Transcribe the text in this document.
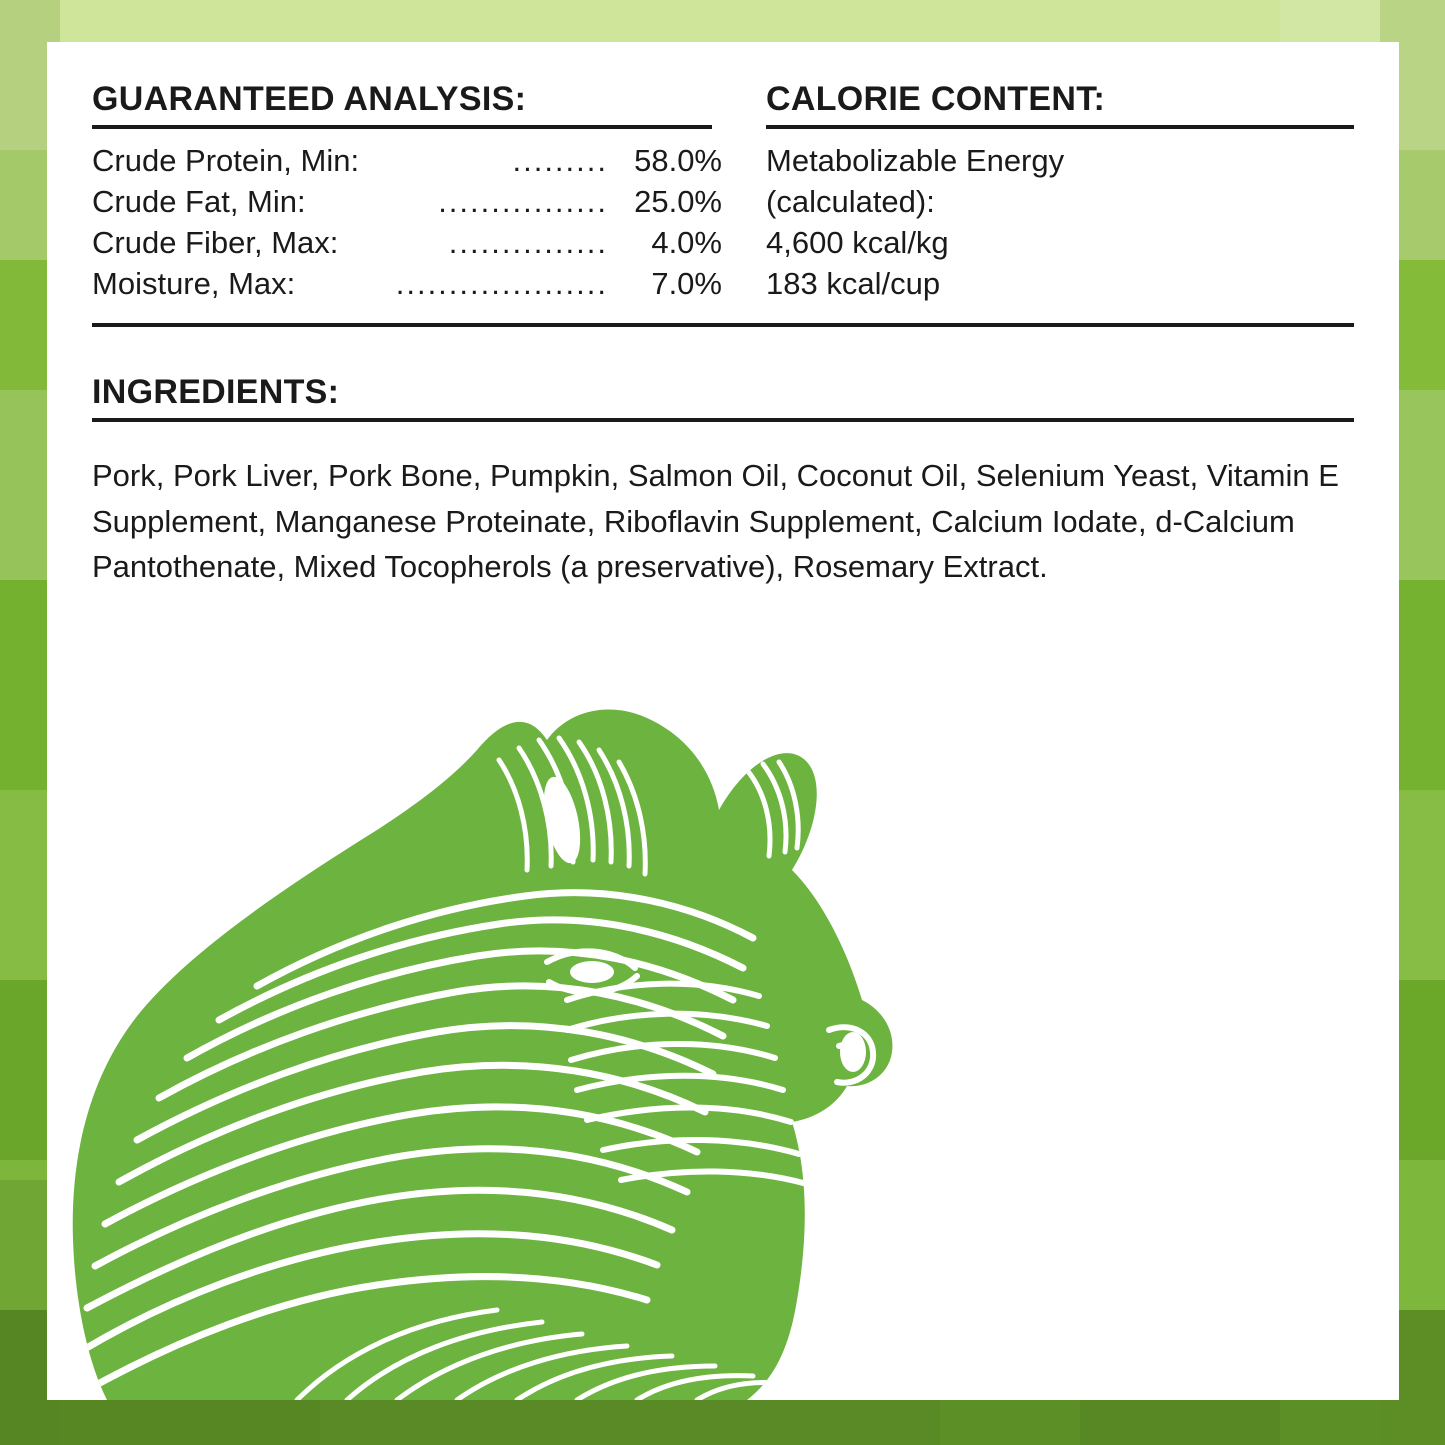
GUARANTEED ANALYSIS:
Crude Protein, Min:	......... 58.0%
Crude Fat, Min:	................ 25.0%
Crude Fiber, Max:	...............	4.0%
Moisture, Max:	....................	7.0%
CALORIE CONTENT:
Metabolizable Energy
(calculated):
4,600 kcal/kg
183 kcal/cup
INGREDIENTS:

Pork, Pork Liver, Pork Bone, Pumpkin, Salmon Oil, Coconut Oil, Selenium Yeast, Vitamin E Supplement, Manganese Proteinate, Riboflavin Supplement, Calcium Iodate, d-Calcium Pantothenate, Mixed Tocopherols (a preservative), Rosemary Extract.
